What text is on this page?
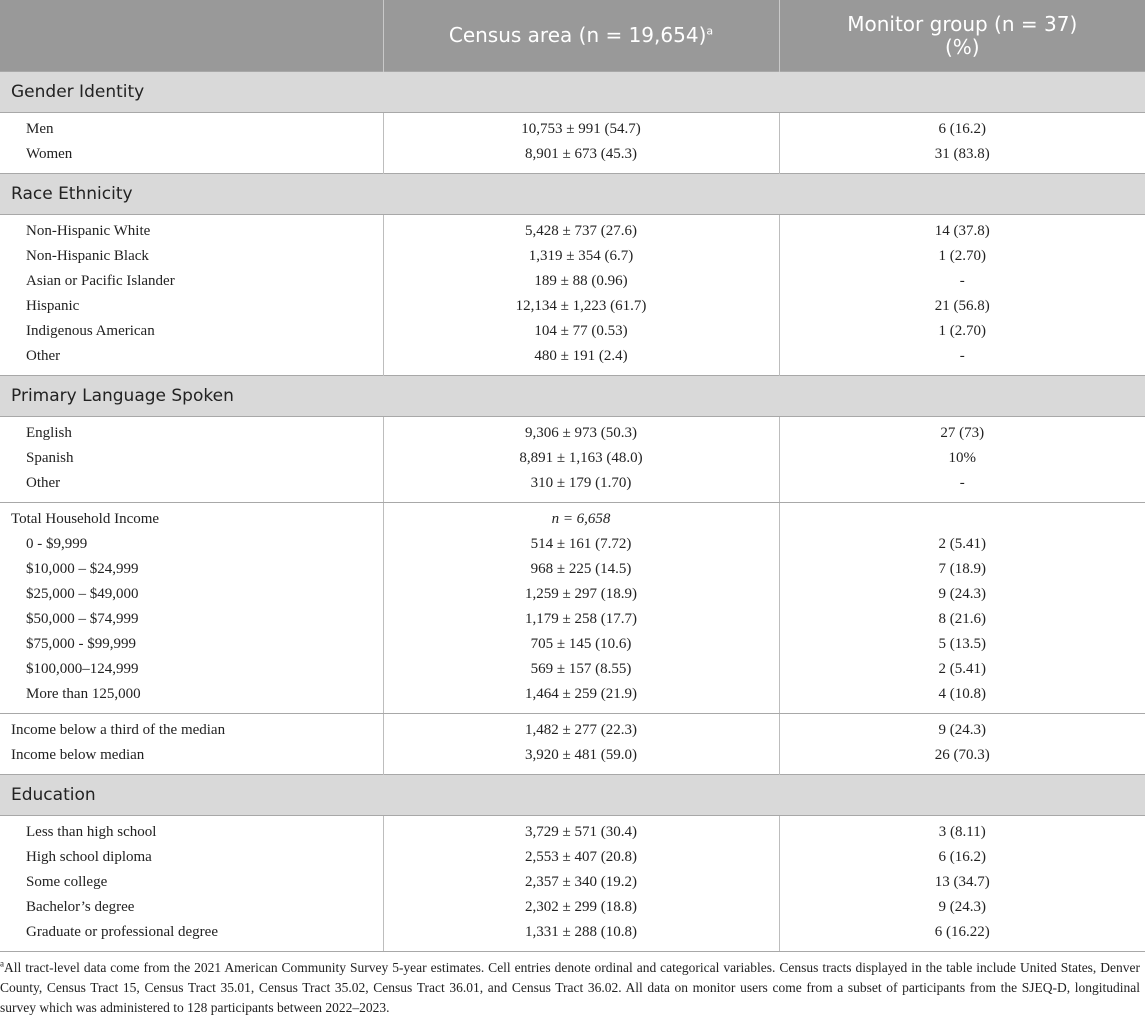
	Census area (n = 19,654)$^a$	Monitor group (n = 37)
(%)
Gender Identity		
Men	10,753 ± 991 (54.7)	6 (16.2)
Women	8,901 ± 673 (45.3)	31 (83.8)
Race Ethnicity		
Non-Hispanic White	5,428 ± 737 (27.6)	14 (37.8)
Non-Hispanic Black	1,319 ± 354 (6.7)	1 (2.70)
Asian or Pacific Islander	189 ± 88 (0.96)	-
Hispanic	12,134 ± 1,223 (61.7)	21 (56.8)
Indigenous American	104 ± 77 (0.53)	1 (2.70)
Other	480 ± 191 (2.4)	-
Primary Language Spoken		
English	9,306 ± 973 (50.3)	27 (73)
Spanish	8,891 ± 1,163 (48.0)	10%
Other	310 ± 179 (1.70)	-
Total Household Income	n = 6,658	
0 - $9,999	514 ± 161 (7.72)	2 (5.41)
$10,000 – $24,999	968 ± 225 (14.5)	7 (18.9)
$25,000 – $49,000	1,259 ± 297 (18.9)	9 (24.3)
$50,000 – $74,999	1,179 ± 258 (17.7)	8 (21.6)
$75,000 - $99,999	705 ± 145 (10.6)	5 (13.5)
$100,000–124,999	569 ± 157 (8.55)	2 (5.41)
More than 125,000	1,464 ± 259 (21.9)	4 (10.8)
Income below a third of the median	1,482 ± 277 (22.3)	9 (24.3)
Income below median	3,920 ± 481 (59.0)	26 (70.3)
Education		
Less than high school	3,729 ± 571 (30.4)	3 (8.11)
High school diploma	2,553 ± 407 (20.8)	6 (16.2)
Some college	2,357 ± 340 (19.2)	13 (34.7)
Bachelor’s degree	2,302 ± 299 (18.8)	9 (24.3)
Graduate or professional degree	1,331 ± 288 (10.8)	6 (16.22)

$^a$All tract-level data come from the 2021 American Community Survey 5-year estimates. Cell entries denote ordinal and categorical variables. Census tracts displayed in the table include United States, Denver County, Census Tract 15, Census Tract 35.01, Census Tract 35.02, Census Tract 36.01, and Census Tract 36.02. All data on monitor users come from a subset of participants from the SJEQ-D, longitudinal survey which was administered to 128 participants between 2022–2023.
